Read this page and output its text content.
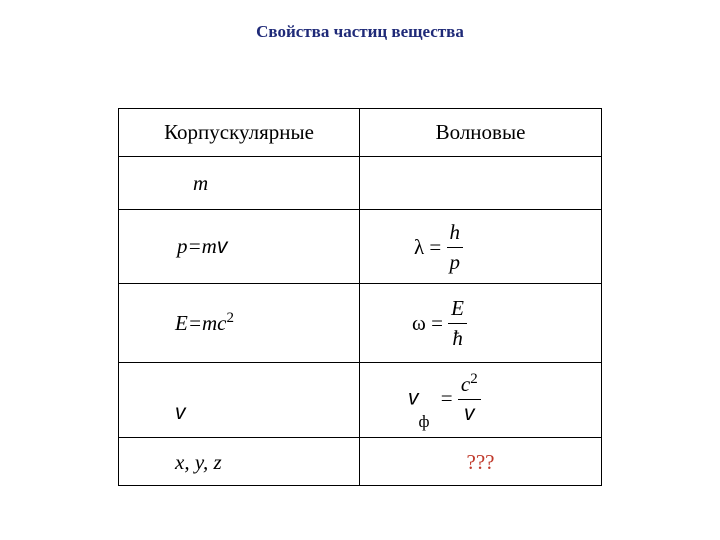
Свойства частиц вещества
Корпускулярные	Волновые

m	

p=mv	$\lambda = \frac{h}{p}$

$E=mc^2$	$\omega = \frac{E}{ħ}$

v	$v_ф = \frac{c^2}{v}$

x, y, z	???
